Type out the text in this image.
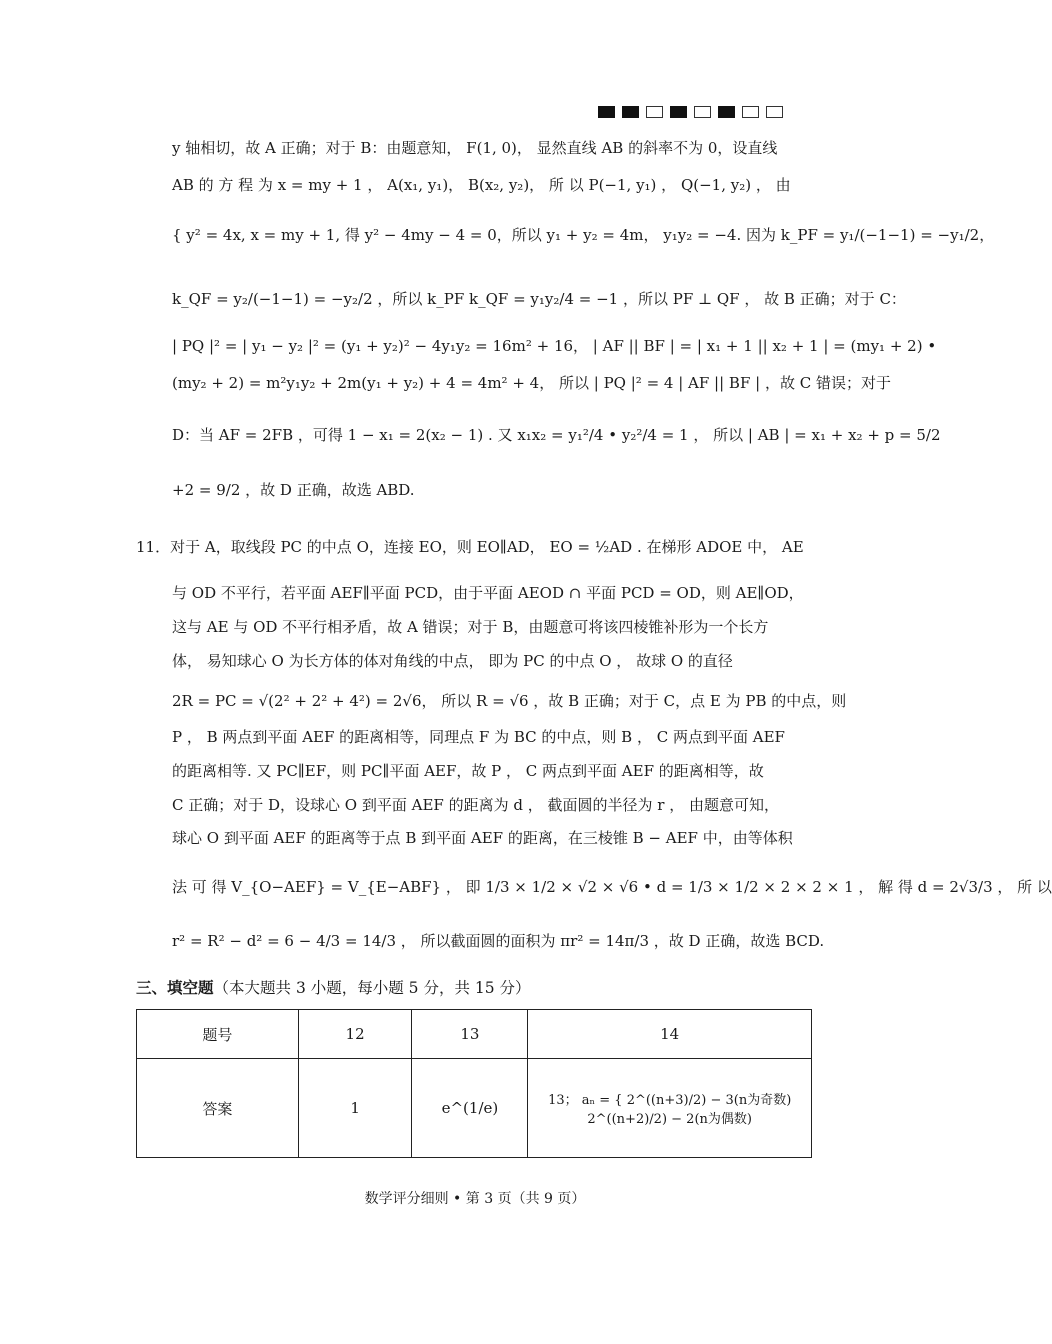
y 轴相切，故 A 正确；对于 B：由题意知， F(1, 0)， 显然直线 AB 的斜率不为 0，设直线
AB 的 方 程 为 x = my + 1 ， A(x₁, y₁)， B(x₂, y₂)， 所 以 P(−1, y₁) ， Q(−1, y₂) ， 由
{ y² = 4x, x = my + 1, 得 y² − 4my − 4 = 0，所以 y₁ + y₂ = 4m， y₁y₂ = −4. 因为 k_PF = y₁/(−1−1) = −y₁/2，
k_QF = y₂/(−1−1) = −y₂/2 ，所以 k_PF k_QF = y₁y₂/4 = −1 ，所以 PF ⊥ QF ， 故 B 正确；对于 C：
| PQ |² = | y₁ − y₂ |² = (y₁ + y₂)² − 4y₁y₂ = 16m² + 16， | AF || BF | = | x₁ + 1 || x₂ + 1 | = (my₁ + 2) •
(my₂ + 2) = m²y₁y₂ + 2m(y₁ + y₂) + 4 = 4m² + 4， 所以 | PQ |² = 4 | AF || BF | ，故 C 错误；对于
D：当 AF = 2FB ，可得 1 − x₁ = 2(x₂ − 1) . 又 x₁x₂ = y₁²/4 • y₂²/4 = 1 ， 所以 | AB | = x₁ + x₂ + p = 5/2
+2 = 9/2 ，故 D 正确，故选 ABD.
11．对于 A，取线段 PC 的中点 O，连接 EO，则 EO∥AD， EO = ½AD . 在梯形 ADOE 中， AE
与 OD 不平行，若平面 AEF∥平面 PCD，由于平面 AEOD ∩ 平面 PCD = OD，则 AE∥OD，
这与 AE 与 OD 不平行相矛盾，故 A 错误；对于 B，由题意可将该四棱锥补形为一个长方
体， 易知球心 O 为长方体的体对角线的中点， 即为 PC 的中点 O ， 故球 O 的直径
2R = PC = √(2² + 2² + 4²) = 2√6， 所以 R = √6 ，故 B 正确；对于 C，点 E 为 PB 的中点，则
P ， B 两点到平面 AEF 的距离相等，同理点 F 为 BC 的中点，则 B ， C 两点到平面 AEF
的距离相等. 又 PC∥EF，则 PC∥平面 AEF，故 P ， C 两点到平面 AEF 的距离相等，故
C 正确；对于 D，设球心 O 到平面 AEF 的距离为 d ， 截面圆的半径为 r ， 由题意可知，
球心 O 到平面 AEF 的距离等于点 B 到平面 AEF 的距离，在三棱锥 B − AEF 中，由等体积
法 可 得 V_{O−AEF} = V_{E−ABF} ， 即 1/3 × 1/2 × √2 × √6 • d = 1/3 × 1/2 × 2 × 2 × 1 ， 解 得 d = 2√3/3 ， 所 以
r² = R² − d² = 6 − 4/3 = 14/3 ， 所以截面圆的面积为 πr² = 14π/3 ，故 D 正确，故选 BCD.
三、填空题（本大题共 3 小题，每小题 5 分，共 15 分）
题号	12	13	14
答案	1	e^(1/e)	13； aₙ = { 2^((n+3)/2) − 3(n为奇数) 2^((n+2)/2) − 2(n为偶数)
数学评分细则 • 第 3 页（共 9 页）
